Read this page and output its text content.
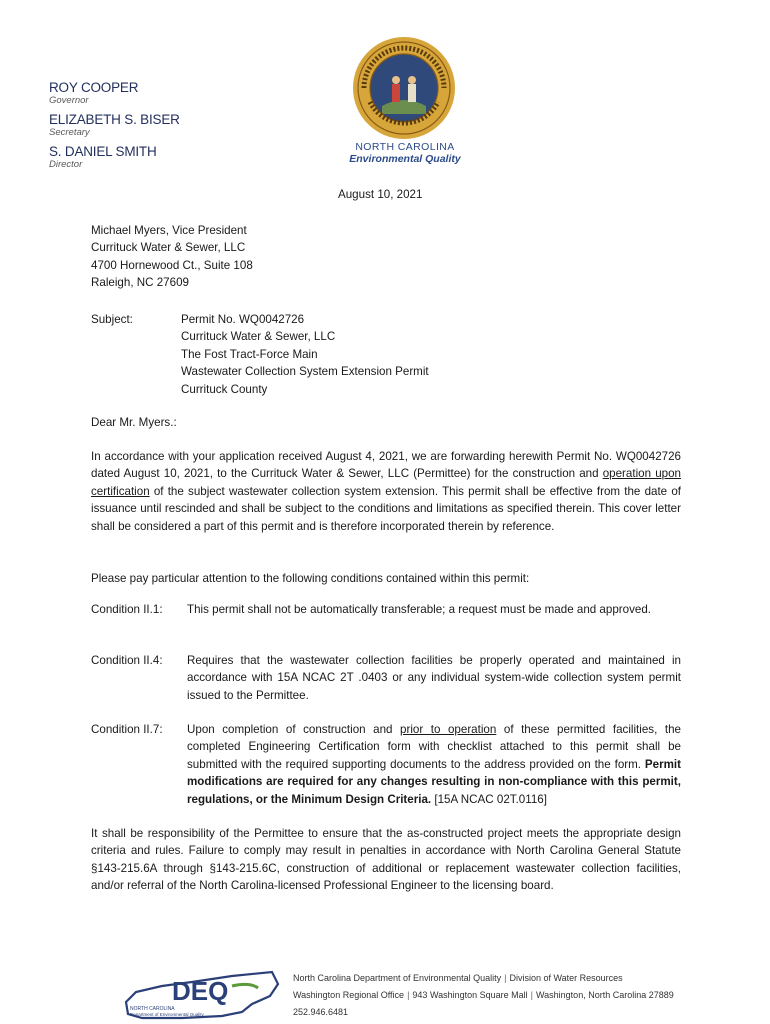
ROY COOPER
Governor
ELIZABETH S. BISER
Secretary
S. DANIEL SMITH
Director
NORTH CAROLINA
Environmental Quality
August 10, 2021
Michael Myers, Vice President
Currituck Water & Sewer, LLC
4700 Hornewood Ct., Suite 108
Raleigh, NC 27609
Subject:	Permit No. WQ0042726
Currituck Water & Sewer, LLC
The Fost Tract-Force Main
Wastewater Collection System Extension Permit
Currituck County
Dear Mr. Myers.:
In accordance with your application received August 4, 2021, we are forwarding herewith Permit No. WQ0042726 dated August 10, 2021, to the Currituck Water & Sewer, LLC (Permittee) for the construction and operation upon certification of the subject wastewater collection system extension. This permit shall be effective from the date of issuance until rescinded and shall be subject to the conditions and limitations as specified therein. This cover letter shall be considered a part of this permit and is therefore incorporated therein by reference.
Please pay particular attention to the following conditions contained within this permit:
Condition II.1: This permit shall not be automatically transferable; a request must be made and approved.
Condition II.4: Requires that the wastewater collection facilities be properly operated and maintained in accordance with 15A NCAC 2T .0403 or any individual system-wide collection system permit issued to the Permittee.
Condition II.7: Upon completion of construction and prior to operation of these permitted facilities, the completed Engineering Certification form with checklist attached to this permit shall be submitted with the required supporting documents to the address provided on the form. Permit modifications are required for any changes resulting in non-compliance with this permit, regulations, or the Minimum Design Criteria. [15A NCAC 02T.0116]
It shall be responsibility of the Permittee to ensure that the as-constructed project meets the appropriate design criteria and rules. Failure to comply may result in penalties in accordance with North Carolina General Statute §143-215.6A through §143-215.6C, construction of additional or replacement wastewater collection facilities, and/or referral of the North Carolina-licensed Professional Engineer to the licensing board.
DEQ
NORTH CAROLINA
Department of Environmental Quality
North Carolina Department of Environmental Quality | Division of Water Resources
Washington Regional Office | 943 Washington Square Mall | Washington, North Carolina 27889
252.946.6481
